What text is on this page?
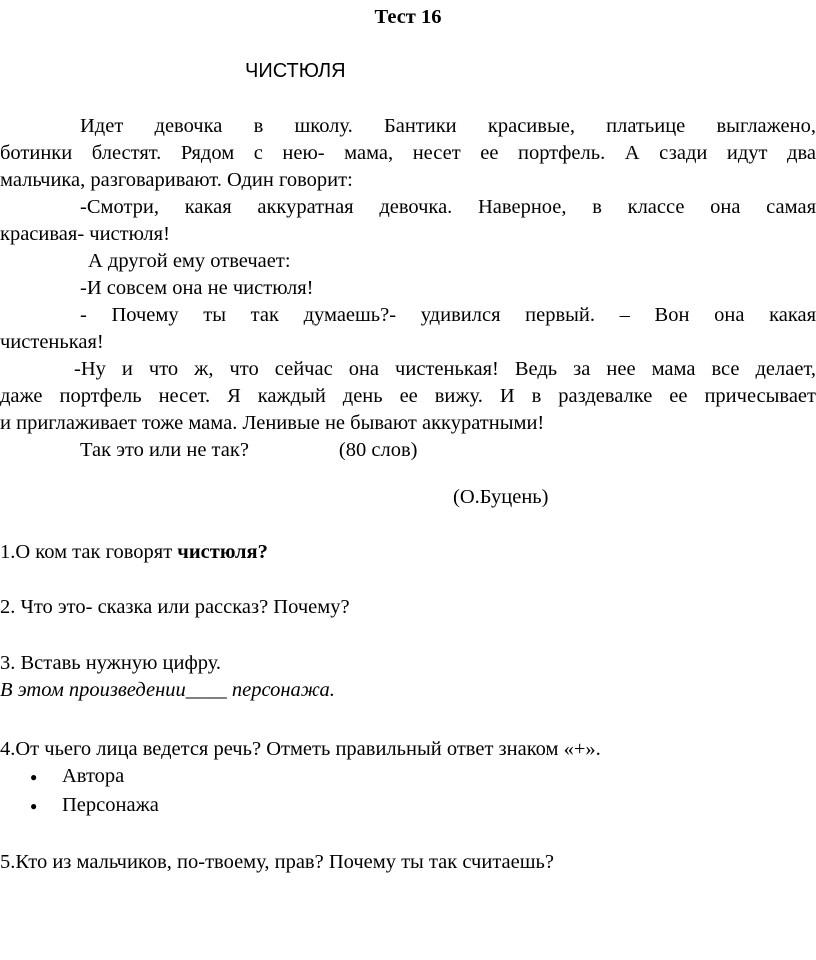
Тест 16
ЧИСТЮЛЯ
Идет девочка в школу. Бантики красивые, платьице выглажено,
ботинки блестят. Рядом с нею- мама, несет ее портфель. А сзади идут два
мальчика, разговаривают. Один говорит:
-Смотри, какая аккуратная девочка. Наверное, в классе она самая
красивая- чистюля!
А другой ему отвечает:
-И совсем она не чистюля!
- Почему ты так думаешь?- удивился первый. – Вон она какая
чистенькая!
-Ну и что ж, что сейчас она чистенькая! Ведь за нее мама все делает,
даже портфель несет. Я каждый день ее вижу. И в раздевалке ее причесывает
и приглаживает тоже мама. Ленивые не бывают аккуратными!
Так это или не так?	(80 слов)
(О.Буцень)
1.О ком так говорят чистюля?
2. Что это- сказка или рассказ? Почему?
3. Вставь нужную цифру.
В этом произведении____ персонажа.
4.От чьего лица ведется речь? Отметь правильный ответ знаком «+».
● Автора
● Персонажа
5.Кто из мальчиков, по-твоему, прав? Почему ты так считаешь?
